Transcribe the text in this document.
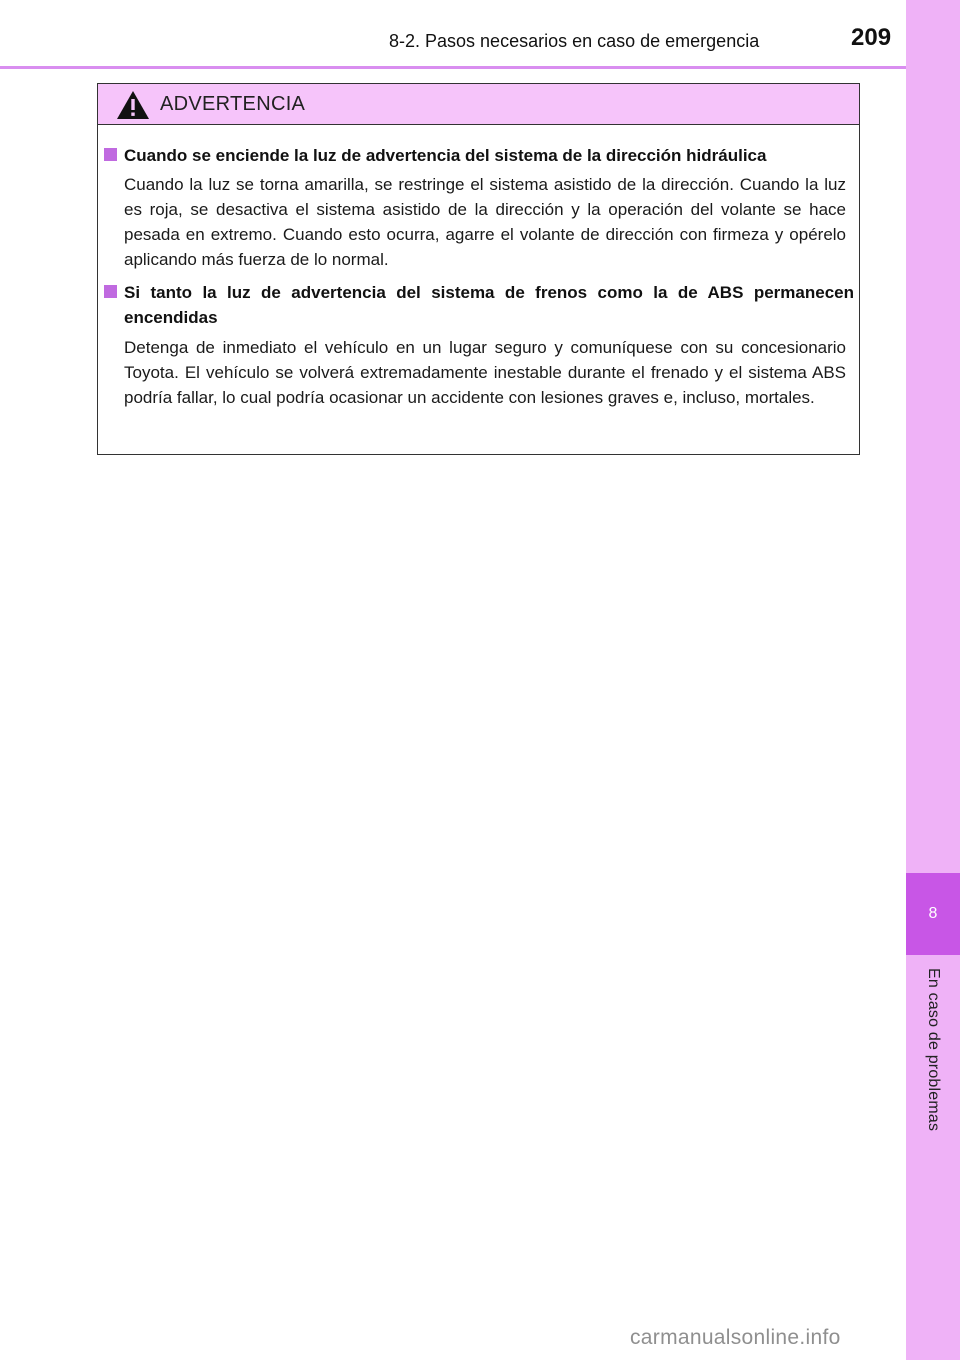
8-2. Pasos necesarios en caso de emergencia	209
8
En caso de problemas
ADVERTENCIA
Cuando se enciende la luz de advertencia del sistema de la dirección hidráulica
Cuando la luz se torna amarilla, se restringe el sistema asistido de la dirección. Cuando la luz es roja, se desactiva el sistema asistido de la dirección y la operación del volante se hace pesada en extremo. Cuando esto ocurra, agarre el volante de dirección con firmeza y opérelo aplicando más fuerza de lo normal.
Si tanto la luz de advertencia del sistema de frenos como la de ABS permanecen encendidas
Detenga de inmediato el vehículo en un lugar seguro y comuníquese con su concesionario Toyota. El vehículo se volverá extremadamente inestable durante el frenado y el sistema ABS podría fallar, lo cual podría ocasionar un accidente con lesiones graves e, incluso, mortales.
carmanualsonline.info
